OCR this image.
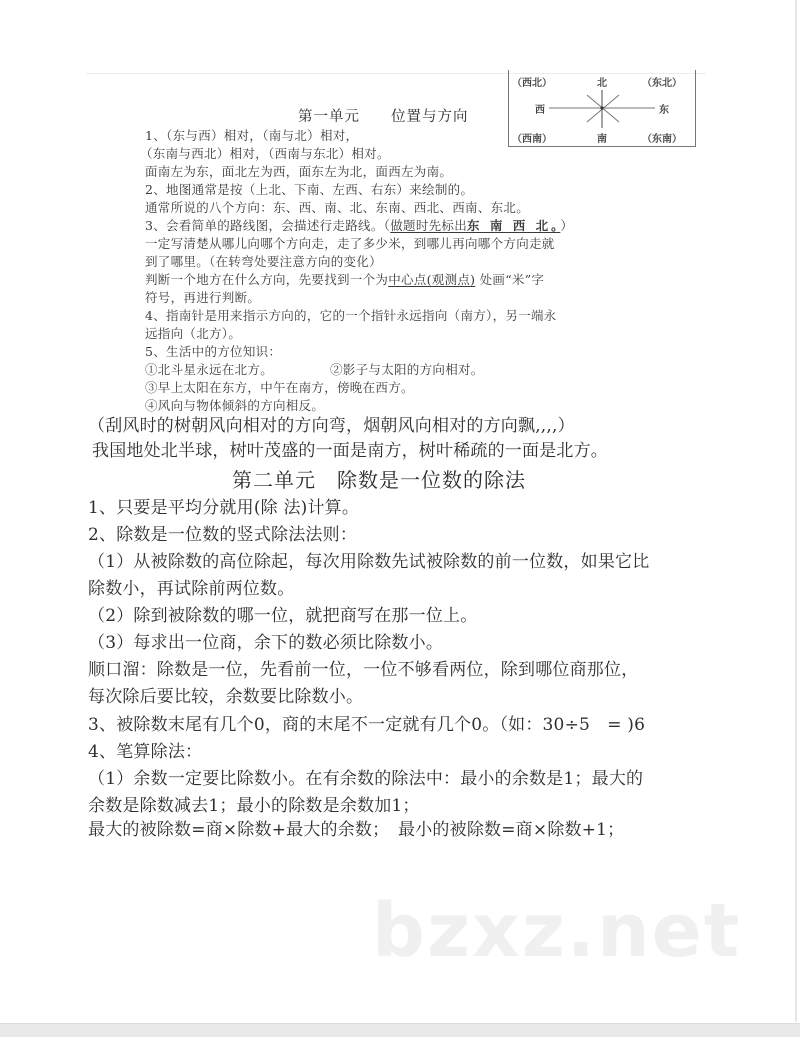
（西北）	北	（东北）
西	东
（西南）	南	（东南）
第一单元　　位置与方向
1、（东与西）相对，（南与北）相对，
（东南与西北）相对，（西南与东北）相对。
面南左为东，面北左为西，面东左为北，面西左为南。
2、地图通常是按（上北、下南、左西、右东）来绘制的。
通常所说的八个方向：东、西、南、北、东南、西北、西南、东北。
3、会看简单的路线图，会描述行走路线。（做题时先标出东 南 西 北。）
一定写清楚从哪儿向哪个方向走，走了多少米，到哪儿再向哪个方向走就
到了哪里。（在转弯处要注意方向的变化）
判断一个地方在什么方向，先要找到一个为中心点(观测点) 处画“米”字
符号，再进行判断。
4、指南针是用来指示方向的，它的一个指针永远指向（南方），另一端永
远指向（北方）。
5、生活中的方位知识：
①北斗星永远在北方。	②影子与太阳的方向相对。
③早上太阳在东方，中午在南方，傍晚在西方。
④风向与物体倾斜的方向相反。
（刮风时的树朝风向相对的方向弯，烟朝风向相对的方向飘,,,,）
我国地处北半球，树叶茂盛的一面是南方，树叶稀疏的一面是北方。
第二单元　除数是一位数的除法
1、只要是平均分就用(除 法)计算。
2、除数是一位数的竖式除法法则：
（1）从被除数的高位除起，每次用除数先试被除数的前一位数，如果它比
除数小，再试除前两位数。
（2）除到被除数的哪一位，就把商写在那一位上。
（3）每求出一位商，余下的数必须比除数小。
顺口溜：除数是一位，先看前一位，一位不够看两位，除到哪位商那位，
每次除后要比较，余数要比除数小。
3、被除数末尾有几个0，商的末尾不一定就有几个0。（如：30÷5　= )6
4、笔算除法：
（1）余数一定要比除数小。在有余数的除法中：最小的余数是1；最大的
余数是除数减去1；最小的除数是余数加1；
最大的被除数=商×除数+最大的余数；　最小的被除数=商×除数+1；
bzxz.net
